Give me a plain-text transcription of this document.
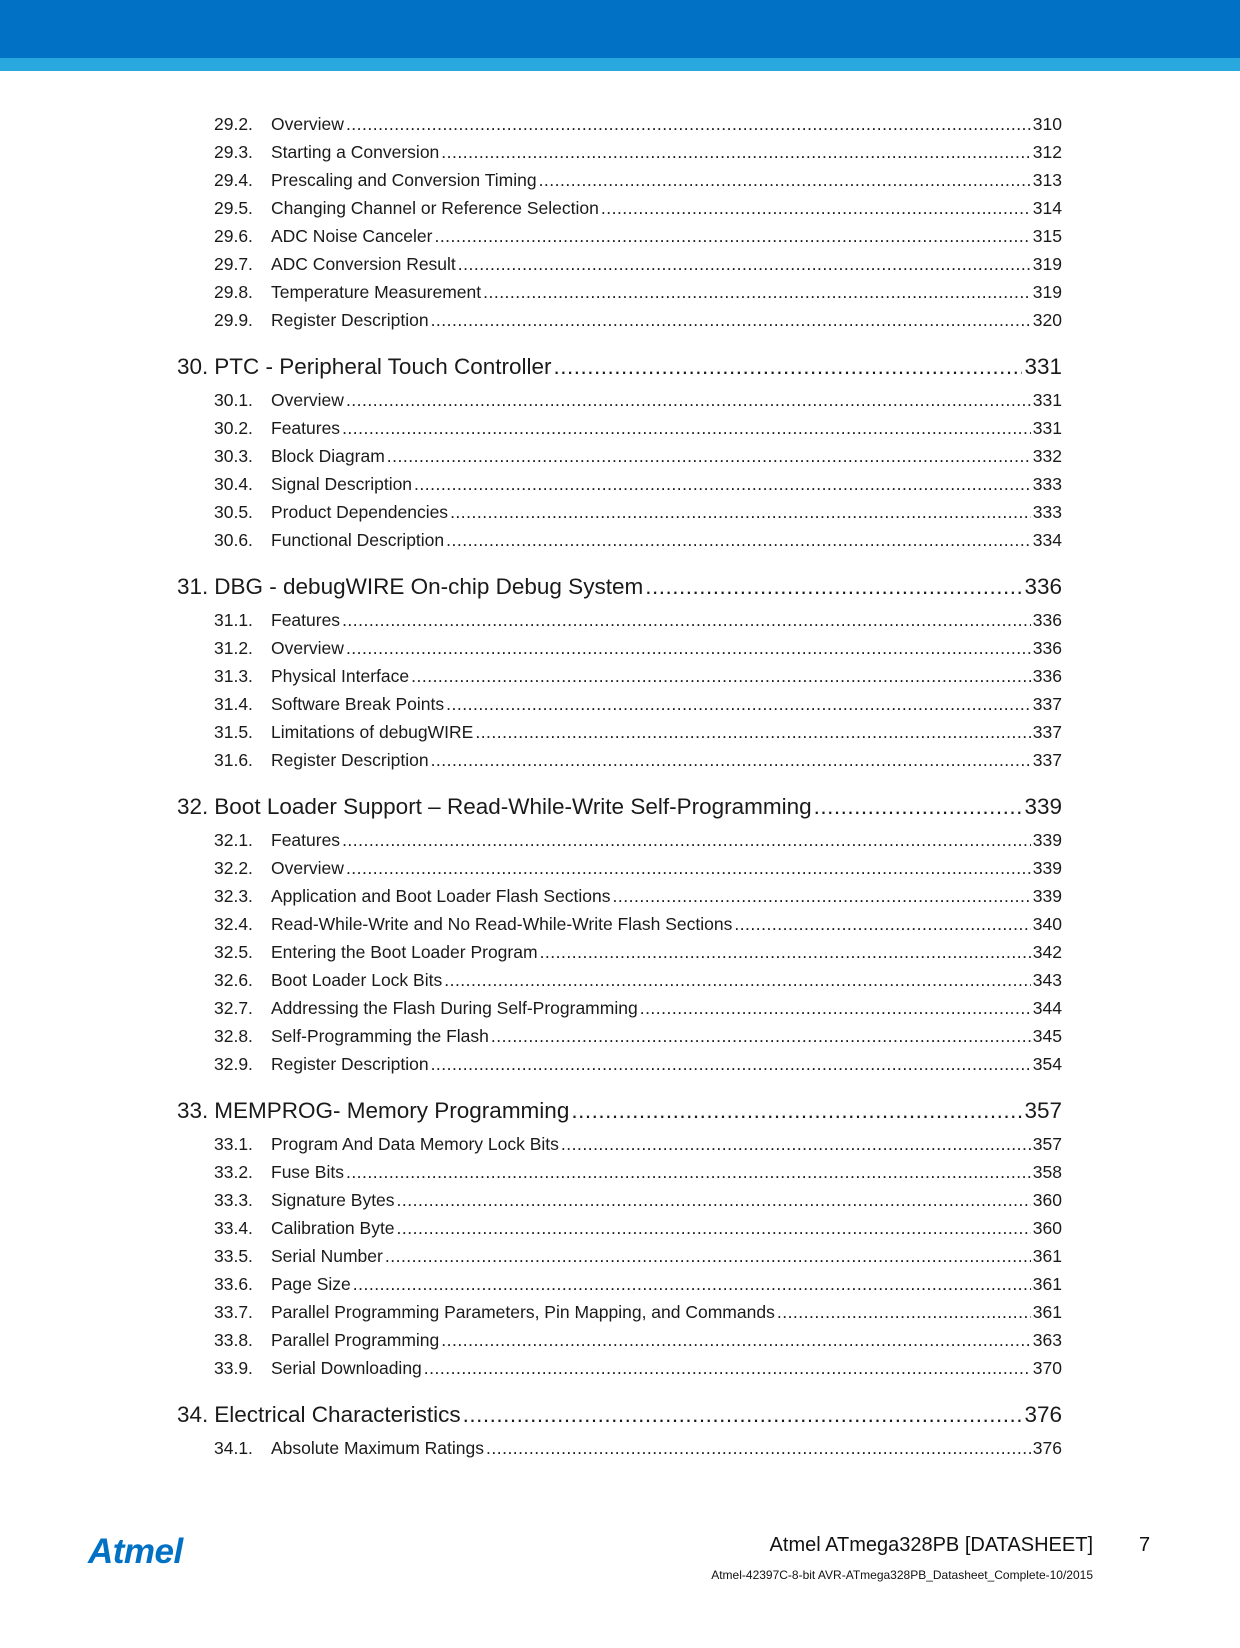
29.2.	Overview .....	310
29.3.	Starting a Conversion .....	312
29.4.	Prescaling and Conversion Timing .....	313
29.5.	Changing Channel or Reference Selection .....	314
29.6.	ADC Noise Canceler .....	315
29.7.	ADC Conversion Result .....	319
29.8.	Temperature Measurement .....	319
29.9.	Register Description .....	320
30. PTC - Peripheral Touch Controller .....	331
30.1.	Overview .....	331
30.2.	Features .....	331
30.3.	Block Diagram .....	332
30.4.	Signal Description .....	333
30.5.	Product Dependencies .....	333
30.6.	Functional Description .....	334
31. DBG - debugWIRE On-chip Debug System .....	336
31.1.	Features .....	336
31.2.	Overview .....	336
31.3.	Physical Interface .....	336
31.4.	Software Break Points .....	337
31.5.	Limitations of debugWIRE .....	337
31.6.	Register Description .....	337
32. Boot Loader Support – Read-While-Write Self-Programming .....	339
32.1.	Features .....	339
32.2.	Overview .....	339
32.3.	Application and Boot Loader Flash Sections .....	339
32.4.	Read-While-Write and No Read-While-Write Flash Sections .....	340
32.5.	Entering the Boot Loader Program .....	342
32.6.	Boot Loader Lock Bits .....	343
32.7.	Addressing the Flash During Self-Programming .....	344
32.8.	Self-Programming the Flash .....	345
32.9.	Register Description .....	354
33. MEMPROG- Memory Programming .....	357
33.1.	Program And Data Memory Lock Bits .....	357
33.2.	Fuse Bits .....	358
33.3.	Signature Bytes .....	360
33.4.	Calibration Byte .....	360
33.5.	Serial Number .....	361
33.6.	Page Size .....	361
33.7.	Parallel Programming Parameters, Pin Mapping, and Commands .....	361
33.8.	Parallel Programming .....	363
33.9.	Serial Downloading .....	370
34. Electrical Characteristics .....	376
34.1.	Absolute Maximum Ratings .....	376
Atmel	Atmel ATmega328PB [DATASHEET] 7
Atmel-42397C-8-bit AVR-ATmega328PB_Datasheet_Complete-10/2015
